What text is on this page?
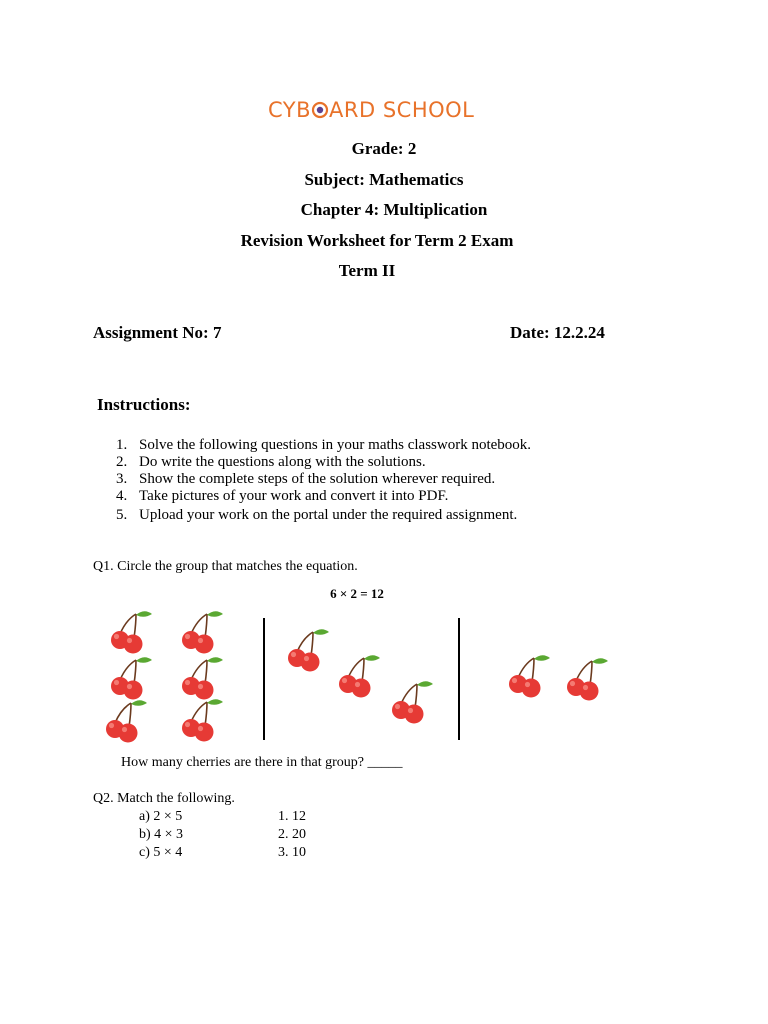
CYB ARD SCHOOL
Grade: 2
Subject: Mathematics
Chapter 4: Multiplication
Revision Worksheet for Term 2 Exam
Term II
Assignment No: 7	Date: 12.2.24
Instructions:
1. Solve the following questions in your maths classwork notebook.
2. Do write the questions along with the solutions.
3. Show the complete steps of the solution wherever required.
4. Take pictures of your work and convert it into PDF.
5. Upload your work on the portal under the required assignment.
Q1. Circle the group that matches the equation.
6 × 2 = 12
How many cherries are there in that group? _____
Q2. Match the following.
a) 2 × 5
b) 4 × 3
c) 5 × 4
1. 12
2. 20
3. 10
